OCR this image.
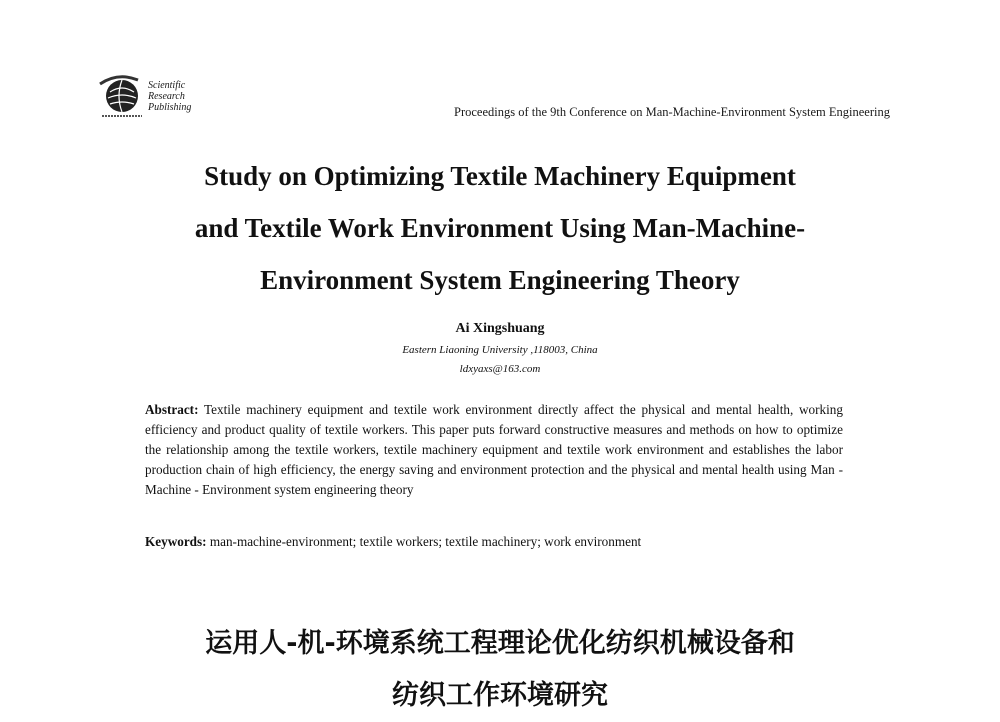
Scientific
Research
Publishing	Proceedings of the 9th Conference on Man-Machine-Environment System Engineering
Study on Optimizing Textile Machinery Equipment
and Textile Work Environment Using Man-Machine-
Environment System Engineering Theory
Ai Xingshuang
Eastern Liaoning University ,118003, China
ldxyaxs@163.com
Abstract: Textile machinery equipment and textile work environment directly affect the physical and mental health, working efficiency and product quality of textile workers. This paper puts forward constructive measures and methods on how to optimize the relationship among the textile workers, textile machinery equipment and textile work environment and establishes the labor production chain of high efficiency, the energy saving and environment protection and the physical and mental health using Man - Machine - Environment system engineering theory
Keywords: man-machine-environment; textile workers; textile machinery; work environment
运用人-机-环境系统工程理论优化纺织机械设备和
纺织工作环境研究
